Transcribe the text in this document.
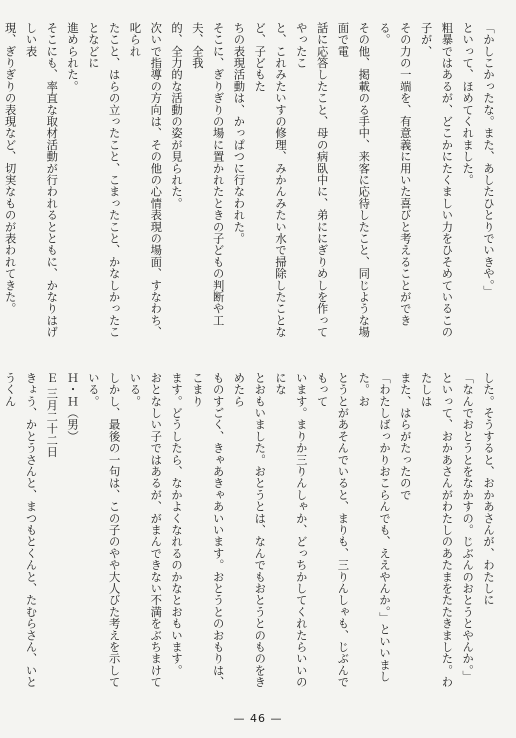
「かしこかったな。また、あしたひとりでいきや。」

といって、ほめてくれました。

粗暴ではあるが、どこかにたくましい力をひそめているこの子が、

その力の一端を、有意義に用いた喜びと考えることができる。

その他、掲載のる手中、来客に応待したこと、同じような場面で電

話に応答したこと、母の病臥中に、弟ににぎりめしを作ってやったこ

と、これみたいすの修理、みかんみたい水で掃除したことなど、子どもた

ちの表現活動は、かっぱつに行なわれた。

そこに、ぎりぎりの場に置かれたときの子どもの判断や工夫、全我

的、全力的な活動の姿が見られた。

次いで指導の方向は、その他の心情表現の場面、すなわち、叱られ

たこと、はらの立ったこと、こまったこと、かなしかったことなどに

進められた。

そこにも、率直な取材活動が行われるとともに、かなりはげしい表

現、ぎりぎりの表現など、切実なものが表われてきた。

した。そうすると、おかあさんが、わたしに

「なんでおとうとをなかすの。じぶんのおとうとやんか。」

といって、おかあさんがわたしのあたまをたたきました。わたしは

また、はらがたったので

「わたしばっかりおこらんでも、ええやんか。」といいました。お

とうとがあそんでいると、まりも、三りんしゃも、じぶんでもって

います。まりか三りんしゃか、どっちかしてくれたらいいのにな

とおもいました。おとうとは、なんでもおとうとのものをきめたら

ものすごく、きゃあきゃあいいます。おとうとのおもりは、こまり

ます。どうしたら、なかよくなれるのかなとおもいます。

おとなしい子ではあるが、がまんできない不満をぶちまけている。

しかし、最後の一句は、この子のやや大人びた考えを示している。

Ｈ・Ｈ（男）

Ｅ 三月二十二日

きょう、かとうさんと、まつもとくんと、たむらさん、いとうくん

— 46 —
